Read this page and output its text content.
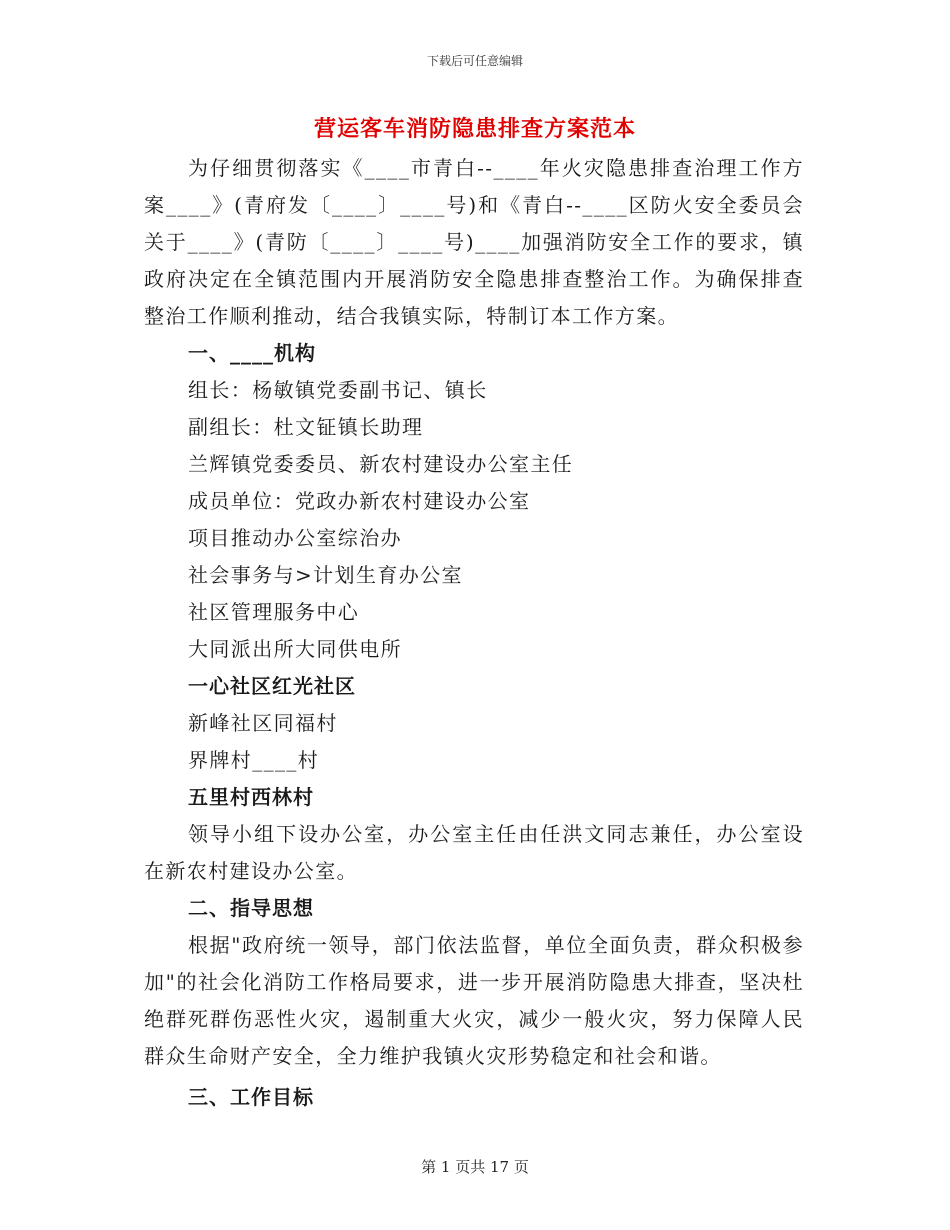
下载后可任意编辑
营运客车消防隐患排查方案范本

为仔细贯彻落实《____市青白--____年火灾隐患排查治理工作方案____》(青府发〔____〕____号)和《青白--____区防火安全委员会关于____》(青防〔____〕____号)____加强消防安全工作的要求，镇政府决定在全镇范围内开展消防安全隐患排查整治工作。为确保排查整治工作顺利推动，结合我镇实际，特制订本工作方案。

一、____机构

组长：杨敏镇党委副书记、镇长

副组长：杜文钲镇长助理

兰辉镇党委委员、新农村建设办公室主任

成员单位：党政办新农村建设办公室

项目推动办公室综治办

社会事务与>计划生育办公室

社区管理服务中心

大同派出所大同供电所

一心社区红光社区

新峰社区同福村

界牌村____村

五里村西林村

领导小组下设办公室，办公室主任由任洪文同志兼任，办公室设在新农村建设办公室。

二、指导思想

根据"政府统一领导，部门依法监督，单位全面负责，群众积极参加"的社会化消防工作格局要求，进一步开展消防隐患大排查，坚决杜绝群死群伤恶性火灾，遏制重大火灾，减少一般火灾，努力保障人民群众生命财产安全，全力维护我镇火灾形势稳定和社会和谐。

三、工作目标

第 1 页共 17 页
